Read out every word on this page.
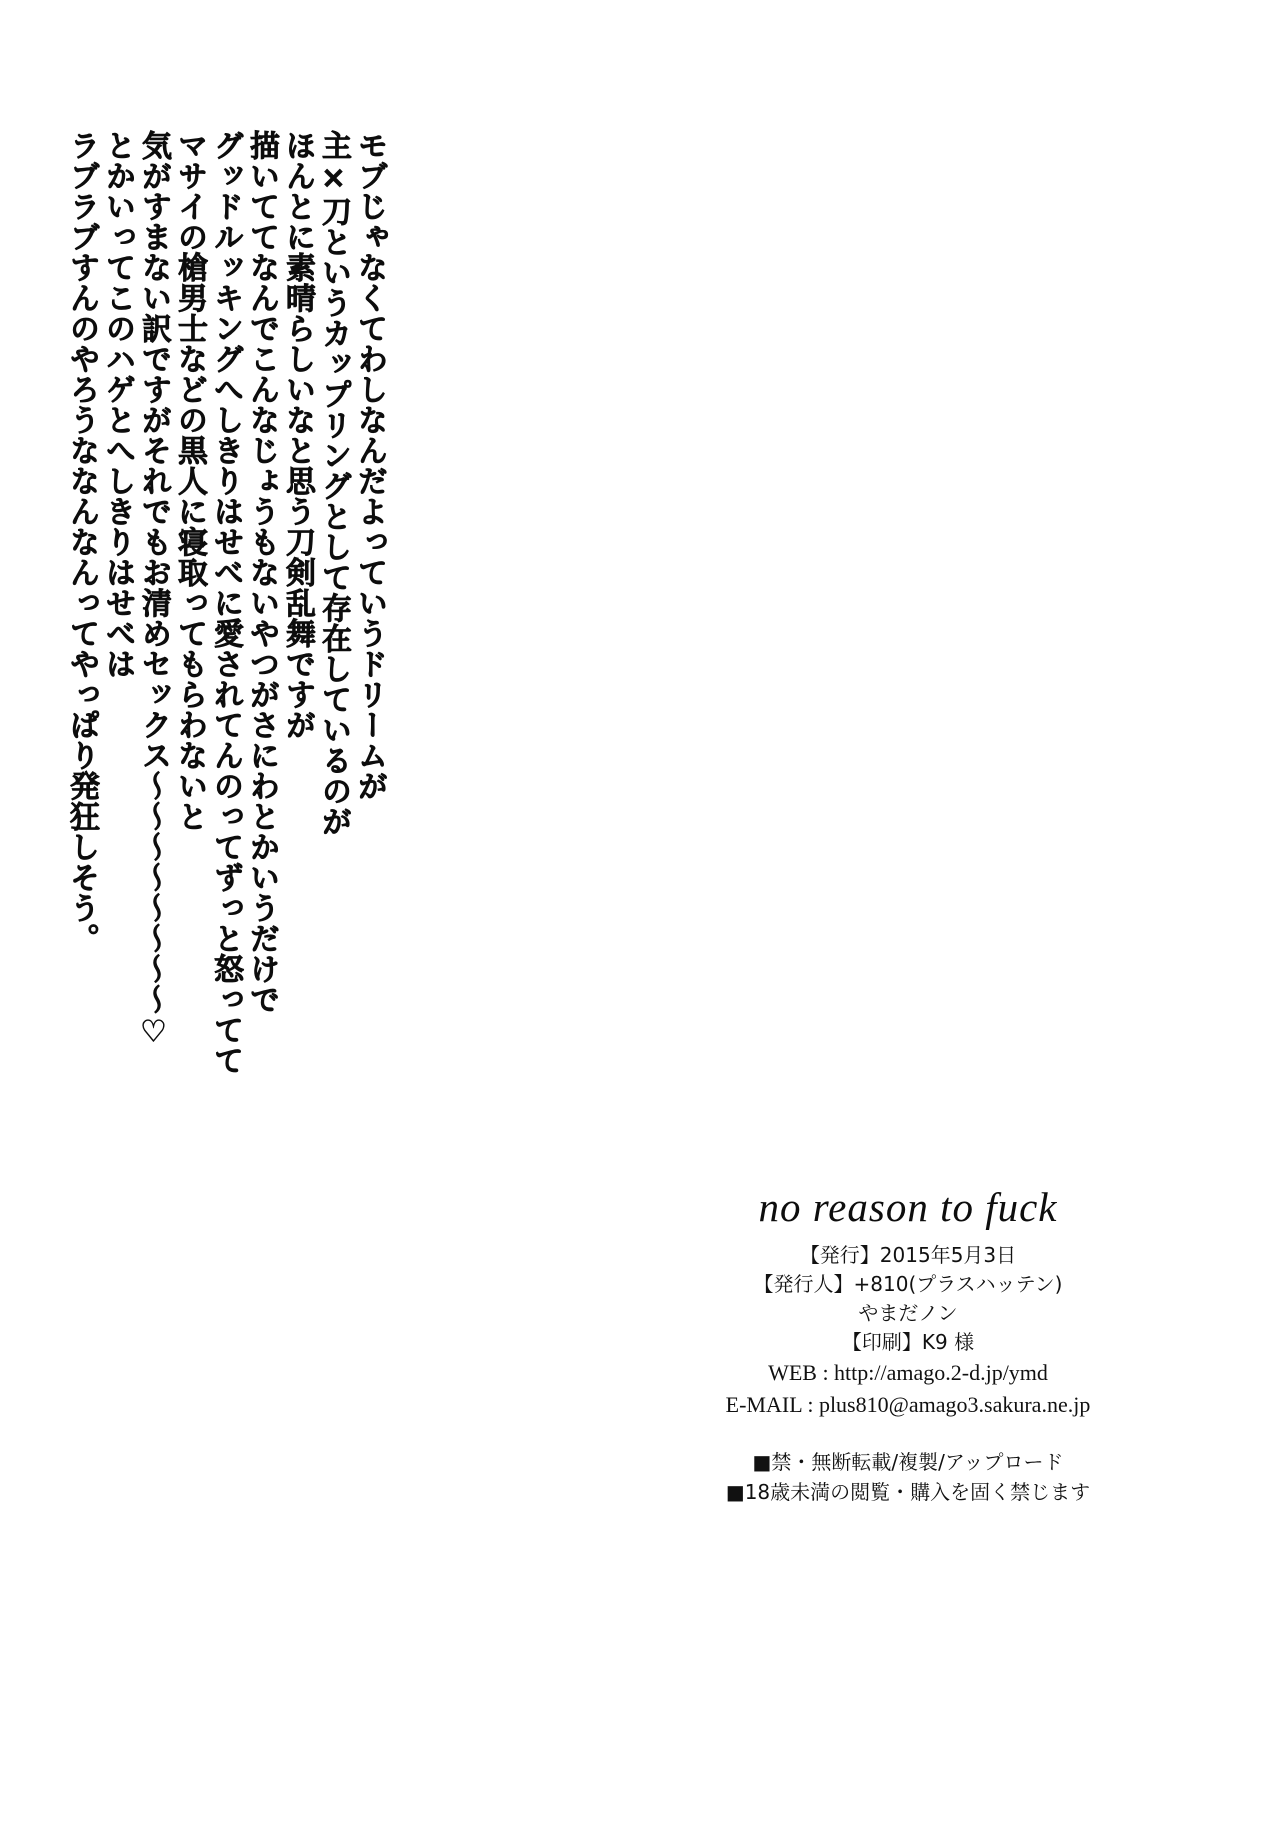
モブじゃなくてわしなんだよっていうドリームが
主×刀というカップリングとして存在しているのが
ほんとに素晴らしいなと思う刀剣乱舞ですが
描いててなんでこんなじょうもないやつがさにわとかいうだけで
グッドルッキングへしきりはせべに愛されてんのってずっと怒ってて
マサイの槍男士などの黒人に寝取ってもらわないと
気がすまない訳ですがそれでもお清めセックス〜〜〜〜〜〜〜〜♡
とかいってこのハゲとへしきりはせべは
ラブラブすんのやろうななんなんってやっぱり発狂しそう。
no reason to fuck
【発行】2015年5月3日
【発行人】+810(プラスハッテン)
やまだノン
【印刷】K9 様
WEB : http://amago.2-d.jp/ymd
E-MAIL : plus810@amago3.sakura.ne.jp
■禁・無断転載/複製/アップロード
■18歳未満の閲覧・購入を固く禁じます
